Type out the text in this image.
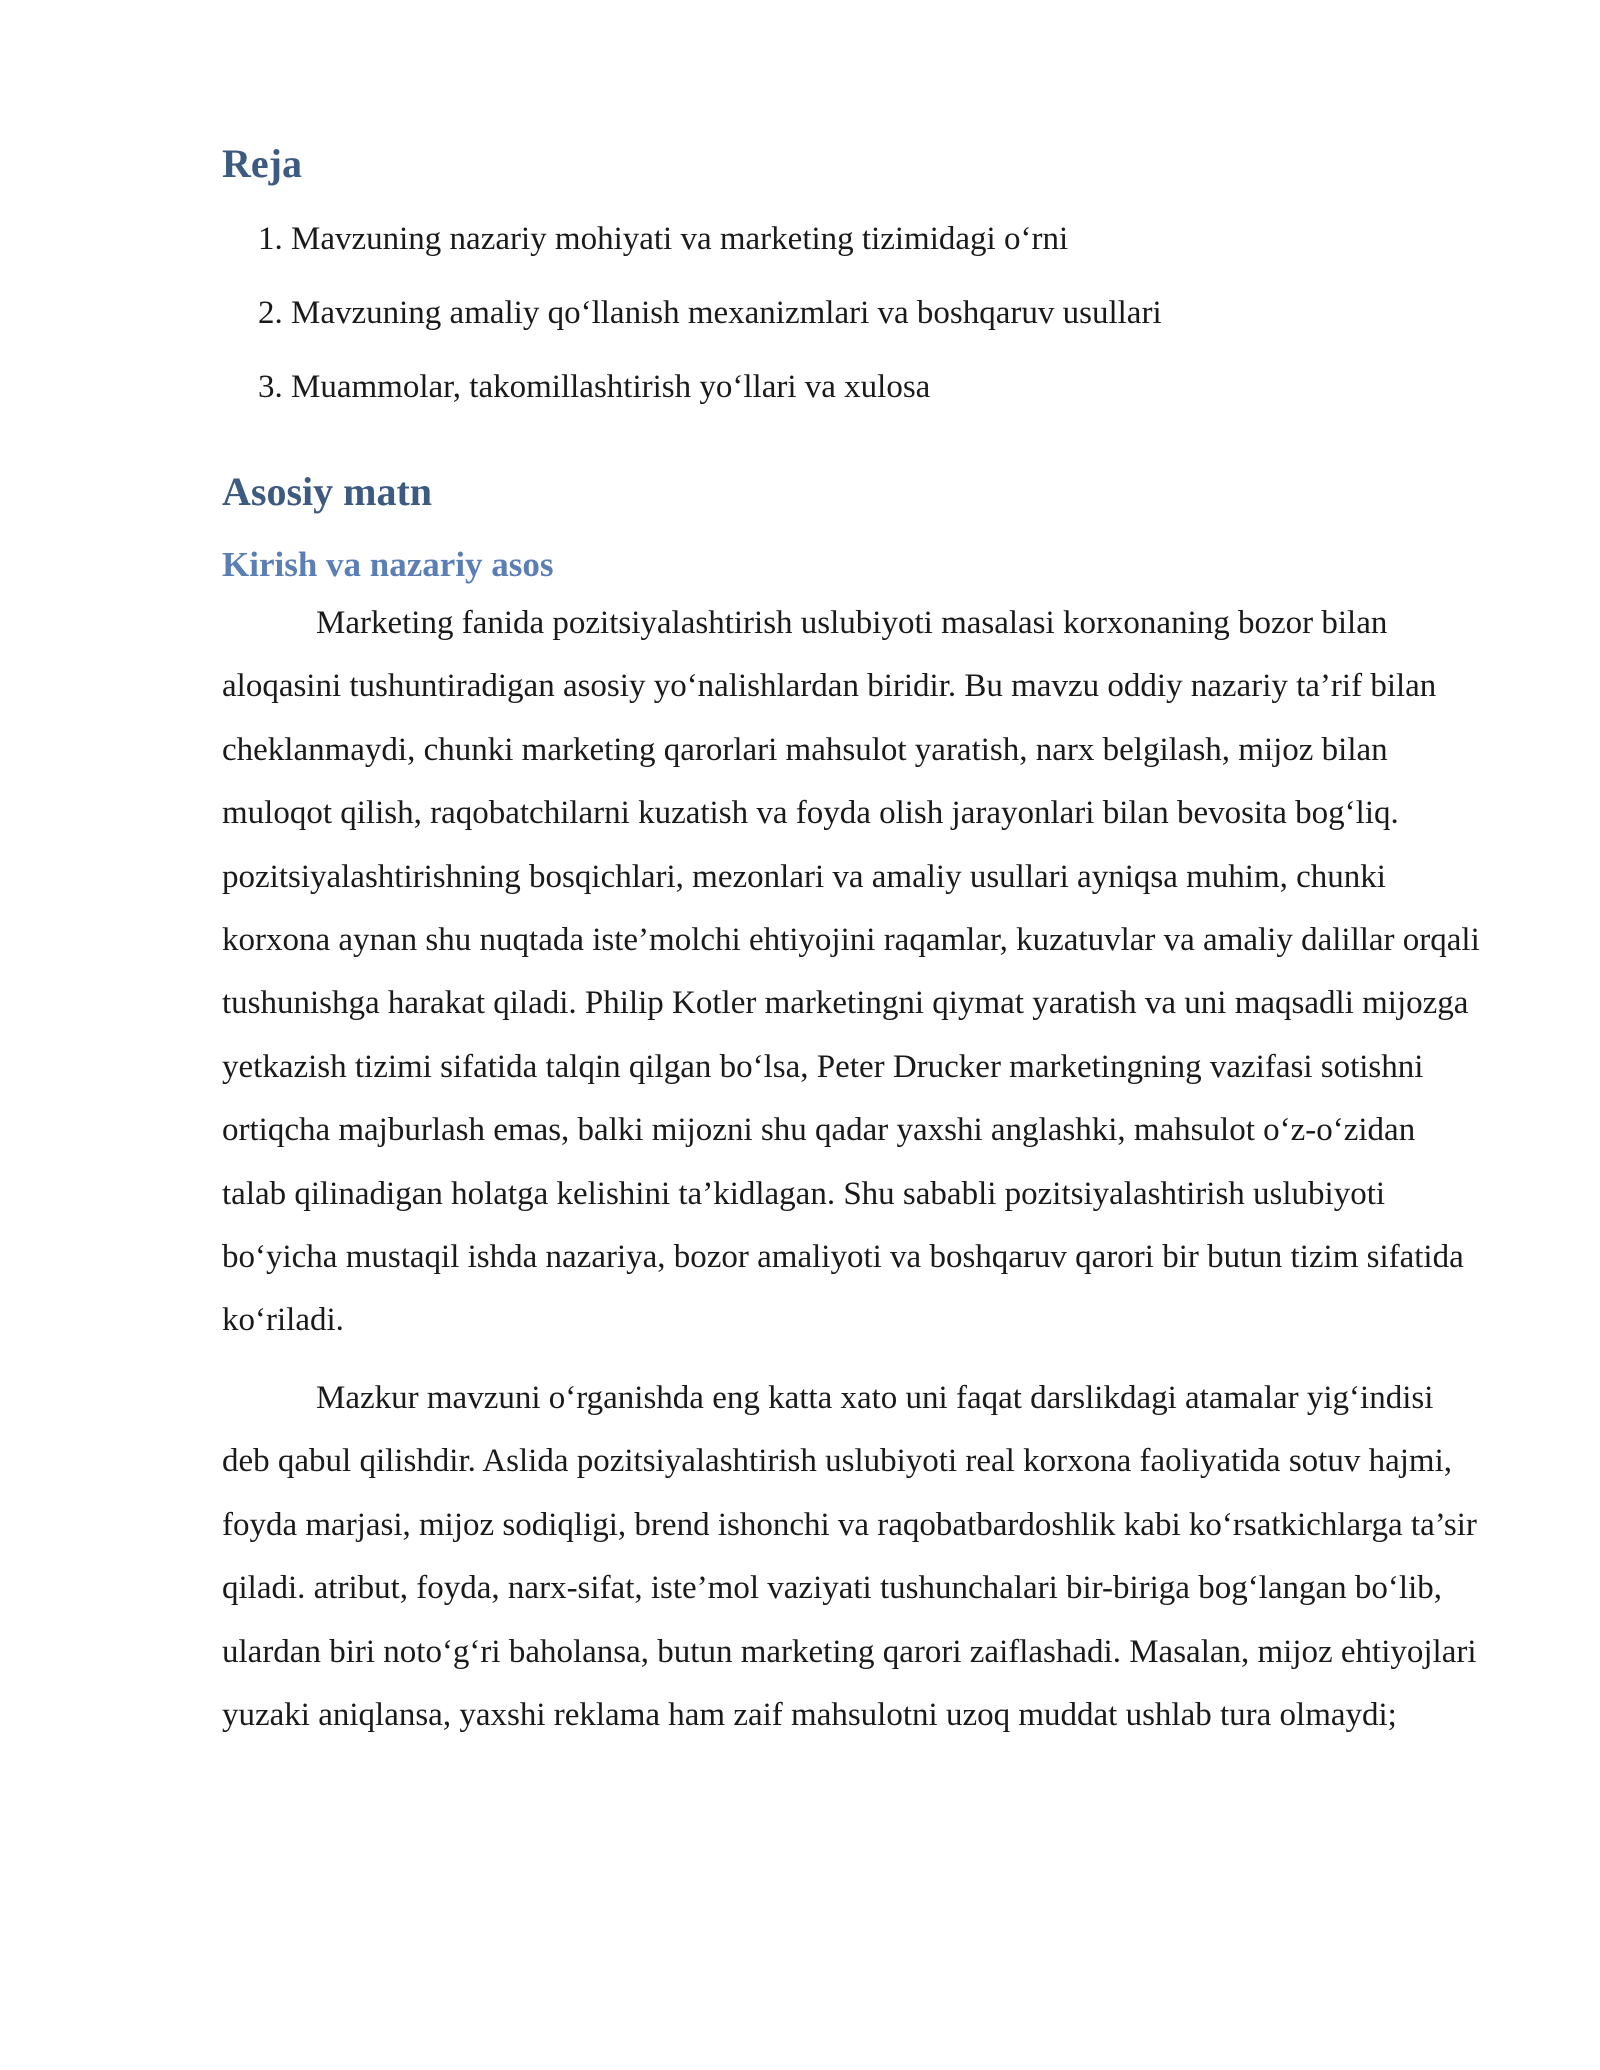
Reja
1. Mavzuning nazariy mohiyati va marketing tizimidagi o‘rni
2. Mavzuning amaliy qo‘llanish mexanizmlari va boshqaruv usullari
3. Muammolar, takomillashtirish yo‘llari va xulosa
Asosiy matn
Kirish va nazariy asos

Marketing fanida pozitsiyalashtirish uslubiyoti masalasi korxonaning bozor bilan aloqasini tushuntiradigan asosiy yo‘nalishlardan biridir. Bu mavzu oddiy nazariy ta’rif bilan cheklanmaydi, chunki marketing qarorlari mahsulot yaratish, narx belgilash, mijoz bilan muloqot qilish, raqobatchilarni kuzatish va foyda olish jarayonlari bilan bevosita bog‘liq. pozitsiyalashtirishning bosqichlari, mezonlari va amaliy usullari ayniqsa muhim, chunki korxona aynan shu nuqtada iste’molchi ehtiyojini raqamlar, kuzatuvlar va amaliy dalillar orqali tushunishga harakat qiladi. Philip Kotler marketingni qiymat yaratish va uni maqsadli mijozga yetkazish tizimi sifatida talqin qilgan bo‘lsa, Peter Drucker marketingning vazifasi sotishni ortiqcha majburlash emas, balki mijozni shu qadar yaxshi anglashki, mahsulot o‘z-o‘zidan talab qilinadigan holatga kelishini ta’kidlagan. Shu sababli pozitsiyalashtirish uslubiyoti bo‘yicha mustaqil ishda nazariya, bozor amaliyoti va boshqaruv qarori bir butun tizim sifatida ko‘riladi.

Mazkur mavzuni o‘rganishda eng katta xato uni faqat darslikdagi atamalar yig‘indisi deb qabul qilishdir. Aslida pozitsiyalashtirish uslubiyoti real korxona faoliyatida sotuv hajmi, foyda marjasi, mijoz sodiqligi, brend ishonchi va raqobatbardoshlik kabi ko‘rsatkichlarga ta’sir qiladi. atribut, foyda, narx-sifat, iste’mol vaziyati tushunchalari bir-biriga bog‘langan bo‘lib, ulardan biri noto‘g‘ri baholansa, butun marketing qarori zaiflashadi. Masalan, mijoz ehtiyojlari yuzaki aniqlansa, yaxshi reklama ham zaif mahsulotni uzoq muddat ushlab tura olmaydi;
